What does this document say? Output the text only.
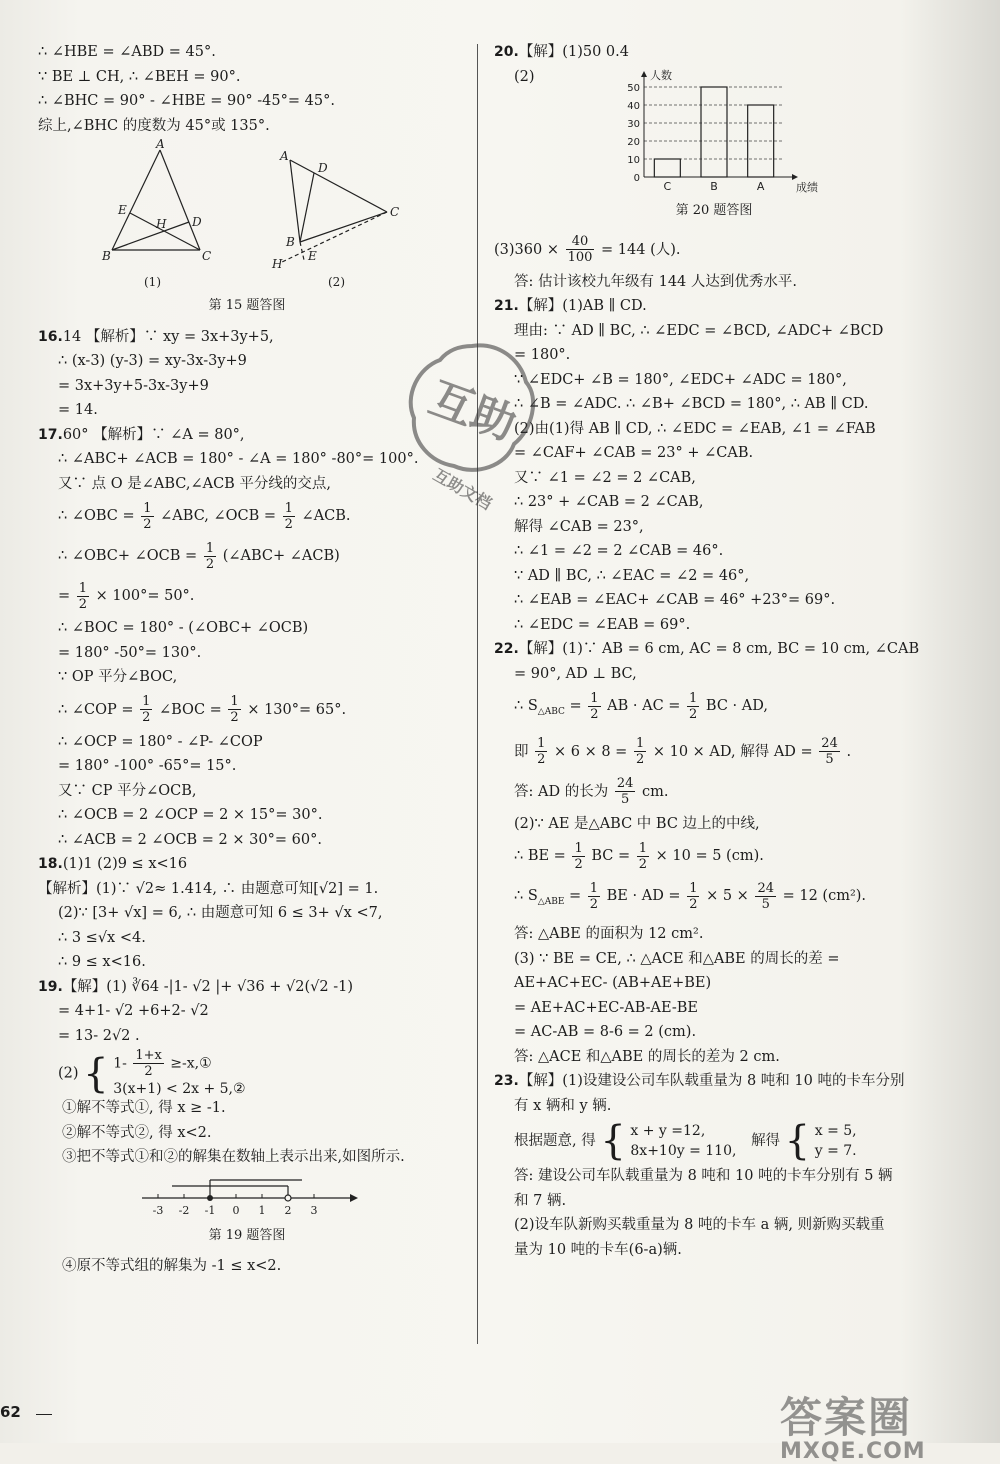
∴ ∠HBE = ∠ABD = 45°.
∵ BE ⊥ CH, ∴ ∠BEH = 90°.
∴ ∠BHC = 90° - ∠HBE = 90° -45°= 45°.
综上,∠BHC 的度数为 45°或 135°.
A
E
H D
B	C
A
D
B
C
H
E
(1)	(2)
第 15 题答图
16.14 【解析】∵ xy = 3x+3y+5,
∴ (x-3) (y-3) = xy-3x-3y+9
= 3x+3y+5-3x-3y+9
= 14.
17.60° 【解析】∵ ∠A = 80°,
∴ ∠ABC+ ∠ACB = 180° - ∠A = 180° -80°= 100°.
又∵ 点 O 是∠ABC,∠ACB 平分线的交点,
∴ ∠OBC = $\frac{1}{2}$ ∠ABC, ∠OCB = $\frac{1}{2}$ ∠ACB.
∴ ∠OBC+ ∠OCB = $\frac{1}{2}$ (∠ABC+ ∠ACB)
= $\frac{1}{2} \times 100^\circ= 50^\circ$.
∴ ∠BOC = 180° - (∠OBC+ ∠OCB)
= 180° -50°= 130°.
∵ OP 平分∠BOC,
∴ ∠COP = $\frac{1}{2}$ ∠BOC = $\frac{1}{2} \times 130^\circ= 65^\circ$.
∴ ∠OCP = 180° - ∠P- ∠COP
= 180° -100° -65°= 15°.
又∵ CP 平分∠OCB,
∴ ∠OCB = 2 ∠OCP = 2 × 15°= 30°.
∴ ∠ACB = 2 ∠OCB = 2 × 30°= 60°.
18.(1)1 (2)9 ≤ x<16
【解析】(1)∵ √2≈ 1.414, ∴ 由题意可知[√2] = 1.
(2)∵ [3+ √x] = 6, ∴ 由题意可知 6 ≤ 3+ √x <7,
∴ 3 ≤√x <4.
∴ 9 ≤ x<16.
19.【解】(1) ∛64 -|1- √2 |+ √36 + √2(√2 -1)
= 4+1- √2 +6+2- √2
= 13- 2√2 .
(2) { $1- \frac{1+x}{2}$ ≥-x,①
3(x+1) < 2x + 5,②
①解不等式①, 得 x ≥ -1.
②解不等式②, 得 x<2.
③把不等式①和②的解集在数轴上表示出来,如图所示.
-3 -2 -1 0 1 2 3
第 19 题答图
④原不等式组的解集为 -1 ≤ x<2.
20.【解】(1)50 0.4
(2)
0
10
20
30
40
50
人数
成绩
C	B	A
第 20 题答图
$(3)360 \times \frac{40}{100} = 144$ (人).
答: 估计该校九年级有 144 人达到优秀水平.
21.【解】(1)AB ∥ CD.
理由: ∵ AD ∥ BC, ∴ ∠EDC = ∠BCD, ∠ADC+ ∠BCD
= 180°.
∵ ∠EDC+ ∠B = 180°, ∠EDC+ ∠ADC = 180°,
∴ ∠B = ∠ADC. ∴ ∠B+ ∠BCD = 180°, ∴ AB ∥ CD.
(2)由(1)得 AB ∥ CD, ∴ ∠EDC = ∠EAB, ∠1 = ∠FAB
= ∠CAF+ ∠CAB = 23° + ∠CAB.
又∵ ∠1 = ∠2 = 2 ∠CAB,
∴ 23° + ∠CAB = 2 ∠CAB,
解得 ∠CAB = 23°,
∴ ∠1 = ∠2 = 2 ∠CAB = 46°.
∵ AD ∥ BC, ∴ ∠EAC = ∠2 = 46°,
∴ ∠EAB = ∠EAC+ ∠CAB = 46° +23°= 69°.
∴ ∠EDC = ∠EAB = 69°.
22.【解】(1)∵ AB = 6 cm, AC = 8 cm, BC = 10 cm, ∠CAB
= 90°, AD ⊥ BC,
∴ $S_{\triangle ABC} = \frac{1}{2}$ AB · AC = $\frac{1}{2}$ BC · AD,
即 $\frac{1}{2} \times 6 \times 8 = \frac{1}{2} \times 10$ × AD, 解得 AD = $\frac{24}{5}$ .
答: AD 的长为 $\frac{24}{5}$ cm.
(2)∵ AE 是△ABC 中 BC 边上的中线,
∴ BE = $\frac{1}{2}$ BC = $\frac{1}{2} \times 10 = 5$ (cm).
∴ $S_{\triangle ABE} = \frac{1}{2}$ BE · AD = $\frac{1}{2} \times 5 \times \frac{24}{5} = 12$ (cm²).
答: △ABE 的面积为 12 cm².
(3) ∵ BE = CE, ∴ △ACE 和△ABE 的周长的差 =
AE+AC+EC- (AB+AE+BE)
= AE+AC+EC-AB-AE-BE
= AC-AB = 8-6 = 2 (cm).
答: △ACE 和△ABE 的周长的差为 2 cm.
23.【解】(1)设建设公司车队载重量为 8 吨和 10 吨的卡车分别
有 x 辆和 y 辆.
根据题意, 得 { x + y =12,
8x+10y = 110,
解得 { x = 5,
y = 7.
答: 建设公司车队载重量为 8 吨和 10 吨的卡车分别有 5 辆
和 7 辆.
(2)设车队新购买载重量为 8 吨的卡车 a 辆, 则新购买载重
量为 10 吨的卡车(6-a)辆.
互助
互助文档
答案圈
MXQE.COM
62
